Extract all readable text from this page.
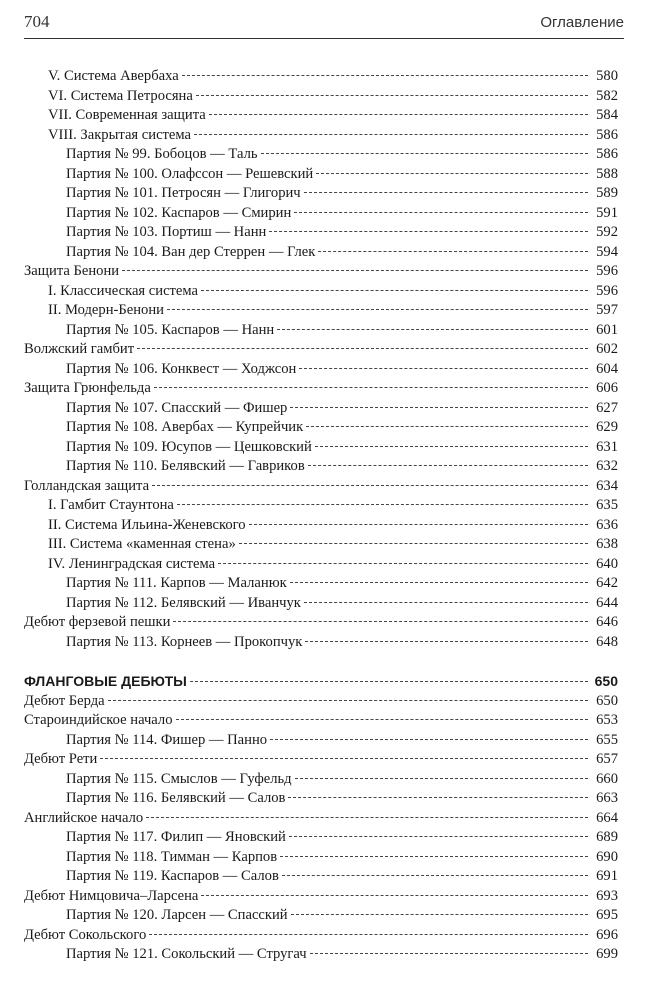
704	Оглавление
V. Система Авербаха	580
VI. Система Петросяна	582
VII. Современная защита	584
VIII. Закрытая система	586
Партия № 99. Бобоцов — Таль	586
Партия № 100. Олафссон — Решевский	588
Партия № 101. Петросян — Глигорич	589
Партия № 102. Каспаров — Смирин	591
Партия № 103. Портиш — Нанн	592
Партия № 104. Ван дер Стеррен — Глек	594
Защита Бенони	596
I. Классическая система	596
II. Модерн-Бенони	597
Партия № 105. Каспаров — Нанн	601
Волжский гамбит	602
Партия № 106. Конквест — Ходжсон	604
Защита Грюнфельда	606
Партия № 107. Спасский — Фишер	627
Партия № 108. Авербах — Купрейчик	629
Партия № 109. Юсупов — Цешковский	631
Партия № 110. Белявский — Гавриков	632
Голландская защита	634
I. Гамбит Стаунтона	635
II. Система Ильина-Женевского	636
III. Система «каменная стена»	638
IV. Ленинградская система	640
Партия № 111. Карпов — Маланюк	642
Партия № 112. Белявский — Иванчук	644
Дебют ферзевой пешки	646
Партия № 113. Корнеев — Прокопчук	648
ФЛАНГОВЫЕ ДЕБЮТЫ	650
Дебют Берда	650
Староиндийское начало	653
Партия № 114. Фишер — Панно	655
Дебют Рети	657
Партия № 115. Смыслов — Гуфельд	660
Партия № 116. Белявский — Салов	663
Английское начало	664
Партия № 117. Филип — Яновский	689
Партия № 118. Тимман — Карпов	690
Партия № 119. Каспаров — Салов	691
Дебют Нимцовича–Ларсена	693
Партия № 120. Ларсен — Спасский	695
Дебют Сокольского	696
Партия № 121. Сокольский — Стругач	699
